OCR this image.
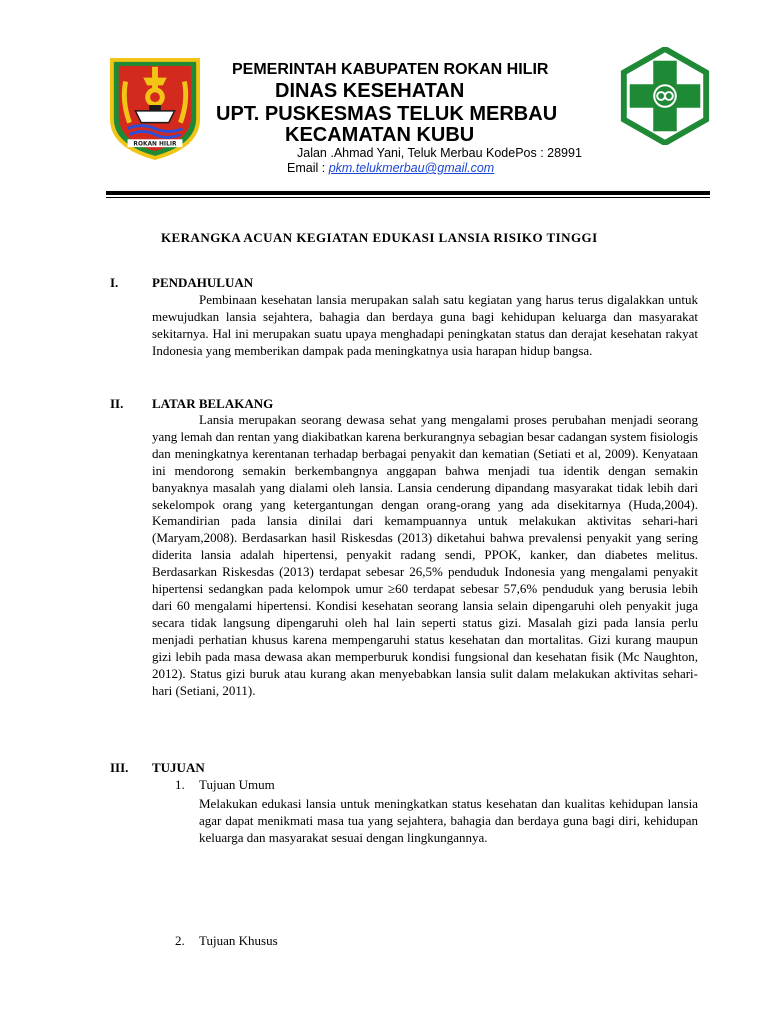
ROKAN HILIR
PEMERINTAH KABUPATEN ROKAN HILIR
DINAS KESEHATAN
UPT. PUSKESMAS TELUK MERBAU
KECAMATAN KUBU
Jalan .Ahmad Yani, Teluk Merbau KodePos : 28991
Email : pkm.telukmerbau@gmail.com
KERANGKA ACUAN KEGIATAN EDUKASI LANSIA RISIKO TINGGI
I.	PENDAHULUAN
Pembinaan kesehatan lansia merupakan salah satu kegiatan yang harus terus digalakkan untuk mewujudkan lansia sejahtera, bahagia dan berdaya guna bagi kehidupan keluarga dan masyarakat sekitarnya. Hal ini merupakan suatu upaya menghadapi peningkatan status dan derajat kesehatan rakyat Indonesia yang memberikan dampak pada meningkatnya usia harapan hidup bangsa.
II. LATAR BELAKANG
Lansia merupakan seorang dewasa sehat yang mengalami proses perubahan menjadi seorang yang lemah dan rentan yang diakibatkan karena berkurangnya sebagian besar cadangan system fisiologis dan meningkatnya kerentanan terhadap berbagai penyakit dan kematian (Setiati et al, 2009). Kenyataan ini mendorong semakin berkembangnya anggapan bahwa menjadi tua identik dengan semakin banyaknya masalah yang dialami oleh lansia. Lansia cenderung dipandang masyarakat tidak lebih dari sekelompok orang yang ketergantungan dengan orang-orang yang ada disekitarnya (Huda,2004). Kemandirian pada lansia dinilai dari kemampuannya untuk melakukan aktivitas sehari-hari (Maryam,2008). Berdasarkan hasil Riskesdas (2013) diketahui bahwa prevalensi penyakit yang sering diderita lansia adalah hipertensi, penyakit radang sendi, PPOK, kanker, dan diabetes melitus. Berdasarkan Riskesdas (2013) terdapat sebesar 26,5% penduduk Indonesia yang mengalami penyakit hipertensi sedangkan pada kelompok umur ≥60 terdapat sebesar 57,6% penduduk yang berusia lebih dari 60 mengalami hipertensi. Kondisi kesehatan seorang lansia selain dipengaruhi oleh penyakit juga secara tidak langsung dipengaruhi oleh hal lain seperti status gizi. Masalah gizi pada lansia perlu menjadi perhatian khusus karena mempengaruhi status kesehatan dan mortalitas. Gizi kurang maupun gizi lebih pada masa dewasa akan memperburuk kondisi fungsional dan kesehatan fisik (Mc Naughton, 2012). Status gizi buruk atau kurang akan menyebabkan lansia sulit dalam melakukan aktivitas sehari-hari (Setiani, 2011).
III. TUJUAN
1. Tujuan Umum
Melakukan edukasi lansia untuk meningkatkan status kesehatan dan kualitas kehidupan lansia agar dapat menikmati masa tua yang sejahtera, bahagia dan berdaya guna bagi diri, kehidupan keluarga dan masyarakat sesuai dengan lingkungannya.
2. Tujuan Khusus
